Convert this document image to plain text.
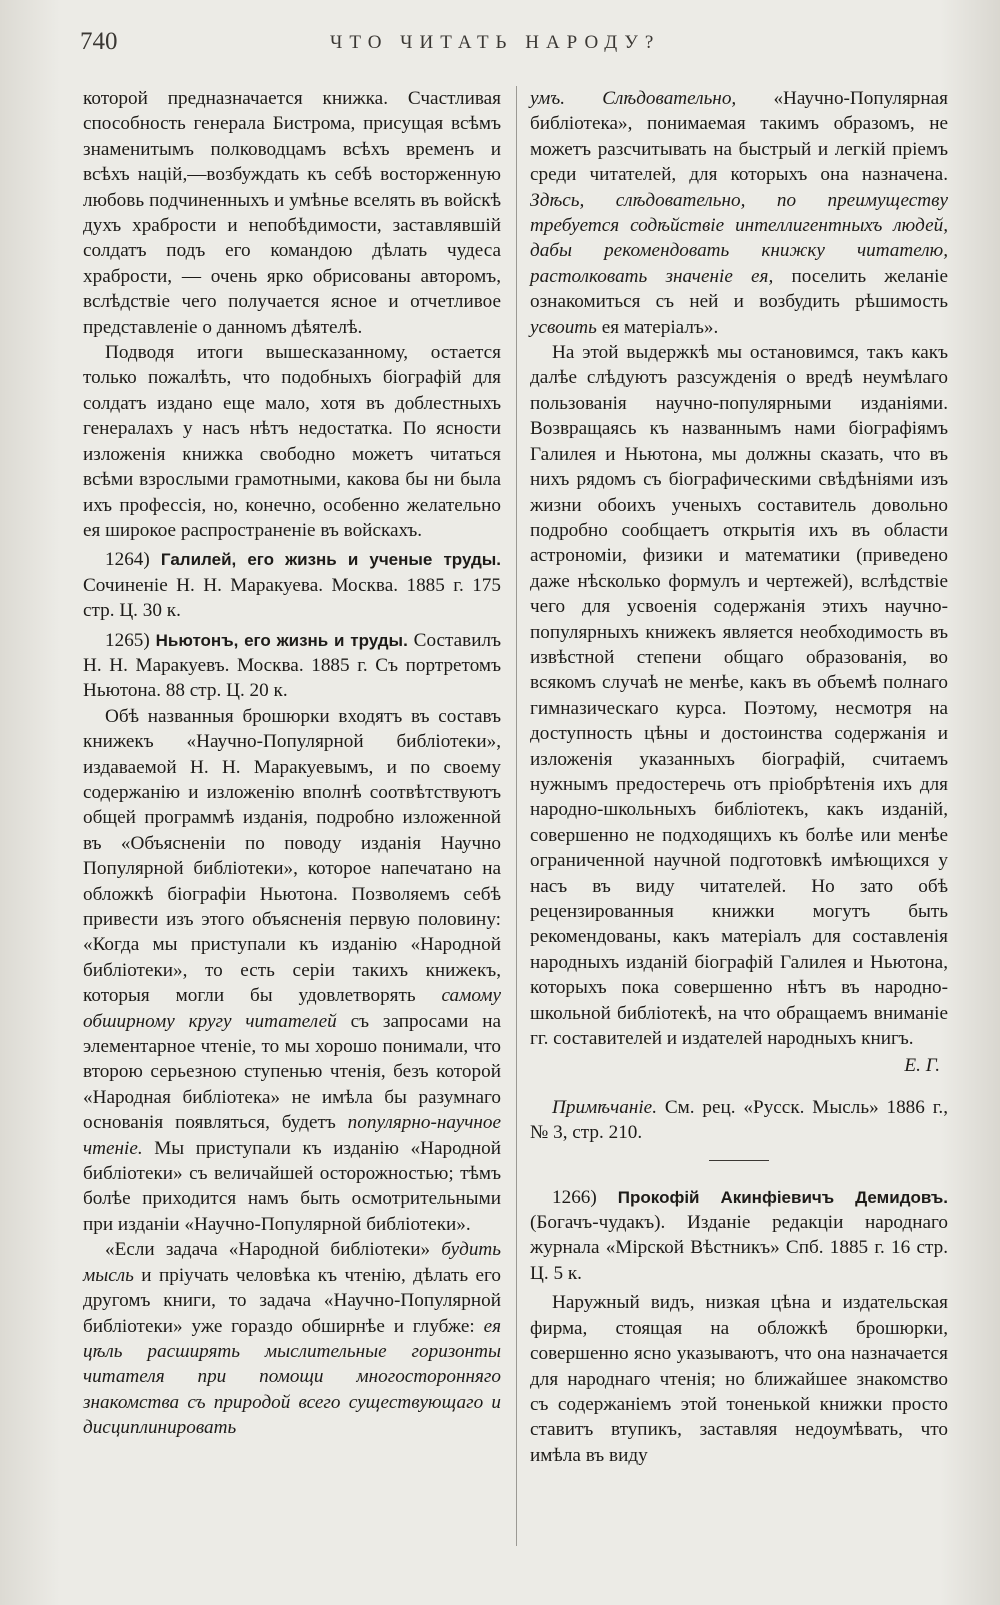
740	ЧТО ЧИТАТЬ НАРОДУ?

которой предназначается книжка. Счастливая способность генерала Бистрома, присущая всѣмъ знаменитымъ полководцамъ всѣхъ временъ и всѣхъ націй,—возбуждать къ себѣ восторженную любовь подчиненныхъ и умѣнье вселять въ войскѣ духъ храбрости и непобѣдимости, заставлявшій солдатъ подъ его командою дѣлать чудеса храбрости, — очень ярко обрисованы авторомъ, вслѣдствіе чего получается ясное и отчетливое представленіе о данномъ дѣятелѣ.

Подводя итоги вышесказанному, остается только пожалѣть, что подобныхъ біографій для солдатъ издано еще мало, хотя въ доблестныхъ генералахъ у насъ нѣтъ недостатка. По ясности изложенія книжка свободно можетъ читаться всѣми взрослыми грамотными, какова бы ни была ихъ профессія, но, конечно, особенно желательно ея широкое распространеніе въ войскахъ.

1264) Галилей, его жизнь и ученые труды. Сочиненіе Н. Н. Маракуева. Москва. 1885 г. 175 стр. Ц. 30 к.

1265) Ньютонъ, его жизнь и труды. Составилъ Н. Н. Маракуевъ. Москва. 1885 г. Съ портретомъ Ньютона. 88 стр. Ц. 20 к.

Обѣ названныя брошюрки входятъ въ составъ книжекъ «Научно-Популярной библіотеки», издаваемой Н. Н. Маракуевымъ, и по своему содержанію и изложенію вполнѣ соотвѣтствуютъ общей программѣ изданія, подробно изложенной въ «Объясненіи по поводу изданія Научно Популярной библіотеки», которое напечатано на обложкѣ біографіи Ньютона. Позволяемъ себѣ привести изъ этого объясненія первую половину: «Когда мы приступали къ изданію «Народной библіотеки», то есть серіи такихъ книжекъ, которыя могли бы удовлетворять самому обширному кругу читателей съ запросами на элементарное чтеніе, то мы хорошо понимали, что второю серьезною ступенью чтенія, безъ которой «Народная библіотека» не имѣла бы разумнаго основанія появляться, будетъ популярно-научное чтеніе. Мы приступали къ изданію «Народной библіотеки» съ величайшей осторожностью; тѣмъ болѣе приходится намъ быть осмотрительными при изданіи «Научно-Популярной библіотеки».

«Если задача «Народной библіотеки» будить мысль и пріучать человѣка къ чтенію, дѣлать его другомъ книги, то задача «Научно-Популярной библіотеки» уже гораздо обширнѣе и глубже: ея цѣль расширять мыслительные горизонты читателя при помощи многосторонняго знакомства съ природой всего существующаго и дисциплинировать

умъ. Слѣдовательно, «Научно-Популярная библіотека», понимаемая такимъ образомъ, не можетъ разсчитывать на быстрый и легкій пріемъ среди читателей, для которыхъ она назначена. Здѣсь, слѣдовательно, по преимуществу требуется содѣйствіе интеллигентныхъ людей, дабы рекомендовать книжку читателю, растолковать значеніе ея, поселить желаніе ознакомиться съ ней и возбудить рѣшимость усвоить ея матеріалъ».

На этой выдержкѣ мы остановимся, такъ какъ далѣе слѣдуютъ разсужденія о вредѣ неумѣлаго пользованія научно-популярными изданіями. Возвращаясь къ названнымъ нами біографіямъ Галилея и Ньютона, мы должны сказать, что въ нихъ рядомъ съ біографическими свѣдѣніями изъ жизни обоихъ ученыхъ составитель довольно подробно сообщаетъ открытія ихъ въ области астрономіи, физики и математики (приведено даже нѣсколько формулъ и чертежей), вслѣдствіе чего для усвоенія содержанія этихъ научно-популярныхъ книжекъ является необходимость въ извѣстной степени общаго образованія, во всякомъ случаѣ не менѣе, какъ въ объемѣ полнаго гимназическаго курса. Поэтому, несмотря на доступность цѣны и достоинства содержанія и изложенія указанныхъ біографій, считаемъ нужнымъ предостеречь отъ пріобрѣтенія ихъ для народно-школьныхъ библіотекъ, какъ изданій, совершенно не подходящихъ къ болѣе или менѣе ограниченной научной подготовкѣ имѣющихся у насъ въ виду читателей. Но зато обѣ рецензированныя книжки могутъ быть рекомендованы, какъ матеріалъ для составленія народныхъ изданій біографій Галилея и Ньютона, которыхъ пока совершенно нѣтъ въ народно-школьной библіотекѣ, на что обращаемъ вниманіе гг. составителей и издателей народныхъ книгъ.

Е. Г.

Примѣчаніе. См. рец. «Русск. Мысль» 1886 г., № 3, стр. 210.

1266) Прокофій Акинфіевичъ Демидовъ. (Богачъ-чудакъ). Изданіе редакціи народнаго журнала «Мірской Вѣстникъ» Спб. 1885 г. 16 стр. Ц. 5 к.

Наружный видъ, низкая цѣна и издательская фирма, стоящая на обложкѣ брошюрки, совершенно ясно указываютъ, что она назначается для народнаго чтенія; но ближайшее знакомство съ содержаніемъ этой тоненькой книжки просто ставитъ втупикъ, заставляя недоумѣвать, что имѣла въ виду
